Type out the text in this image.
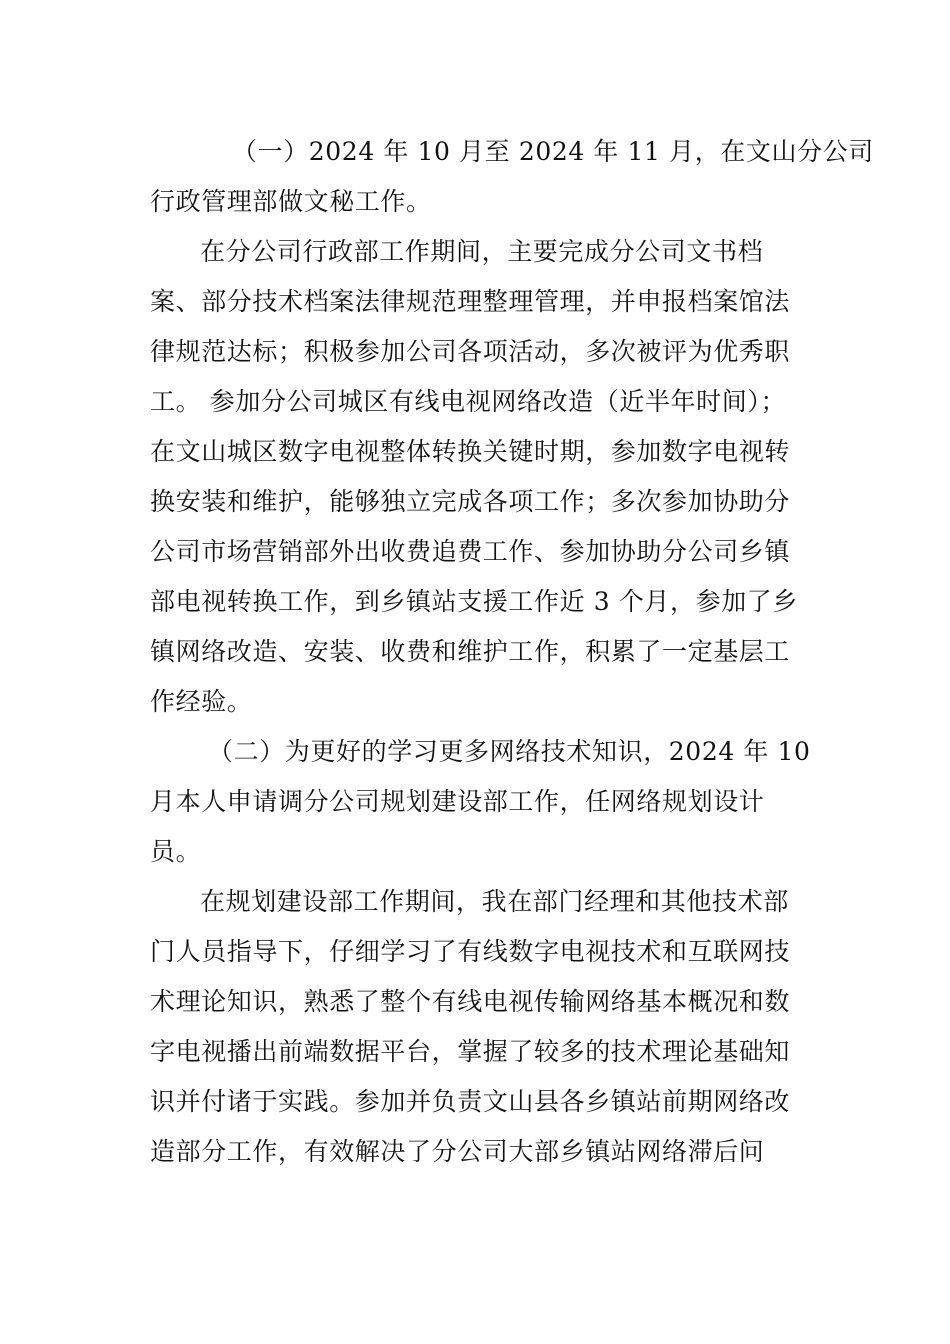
（一）2024 年 10 月至 2024 年 11 月，在文山分公司
行政管理部做文秘工作。
在分公司行政部工作期间，主要完成分公司文书档
案、部分技术档案法律规范理整理管理，并申报档案馆法
律规范达标；积极参加公司各项活动，多次被评为优秀职
工。 参加分公司城区有线电视网络改造（近半年时间）；
在文山城区数字电视整体转换关键时期，参加数字电视转
换安装和维护，能够独立完成各项工作；多次参加协助分
公司市场营销部外出收费追费工作、参加协助分公司乡镇
部电视转换工作，到乡镇站支援工作近 3 个月，参加了乡
镇网络改造、安装、收费和维护工作，积累了一定基层工
作经验。
（二）为更好的学习更多网络技术知识，2024 年 10
月本人申请调分公司规划建设部工作，任网络规划设计
员。
在规划建设部工作期间，我在部门经理和其他技术部
门人员指导下，仔细学习了有线数字电视技术和互联网技
术理论知识，熟悉了整个有线电视传输网络基本概况和数
字电视播出前端数据平台，掌握了较多的技术理论基础知
识并付诸于实践。参加并负责文山县各乡镇站前期网络改
造部分工作，有效解决了分公司大部乡镇站网络滞后问
